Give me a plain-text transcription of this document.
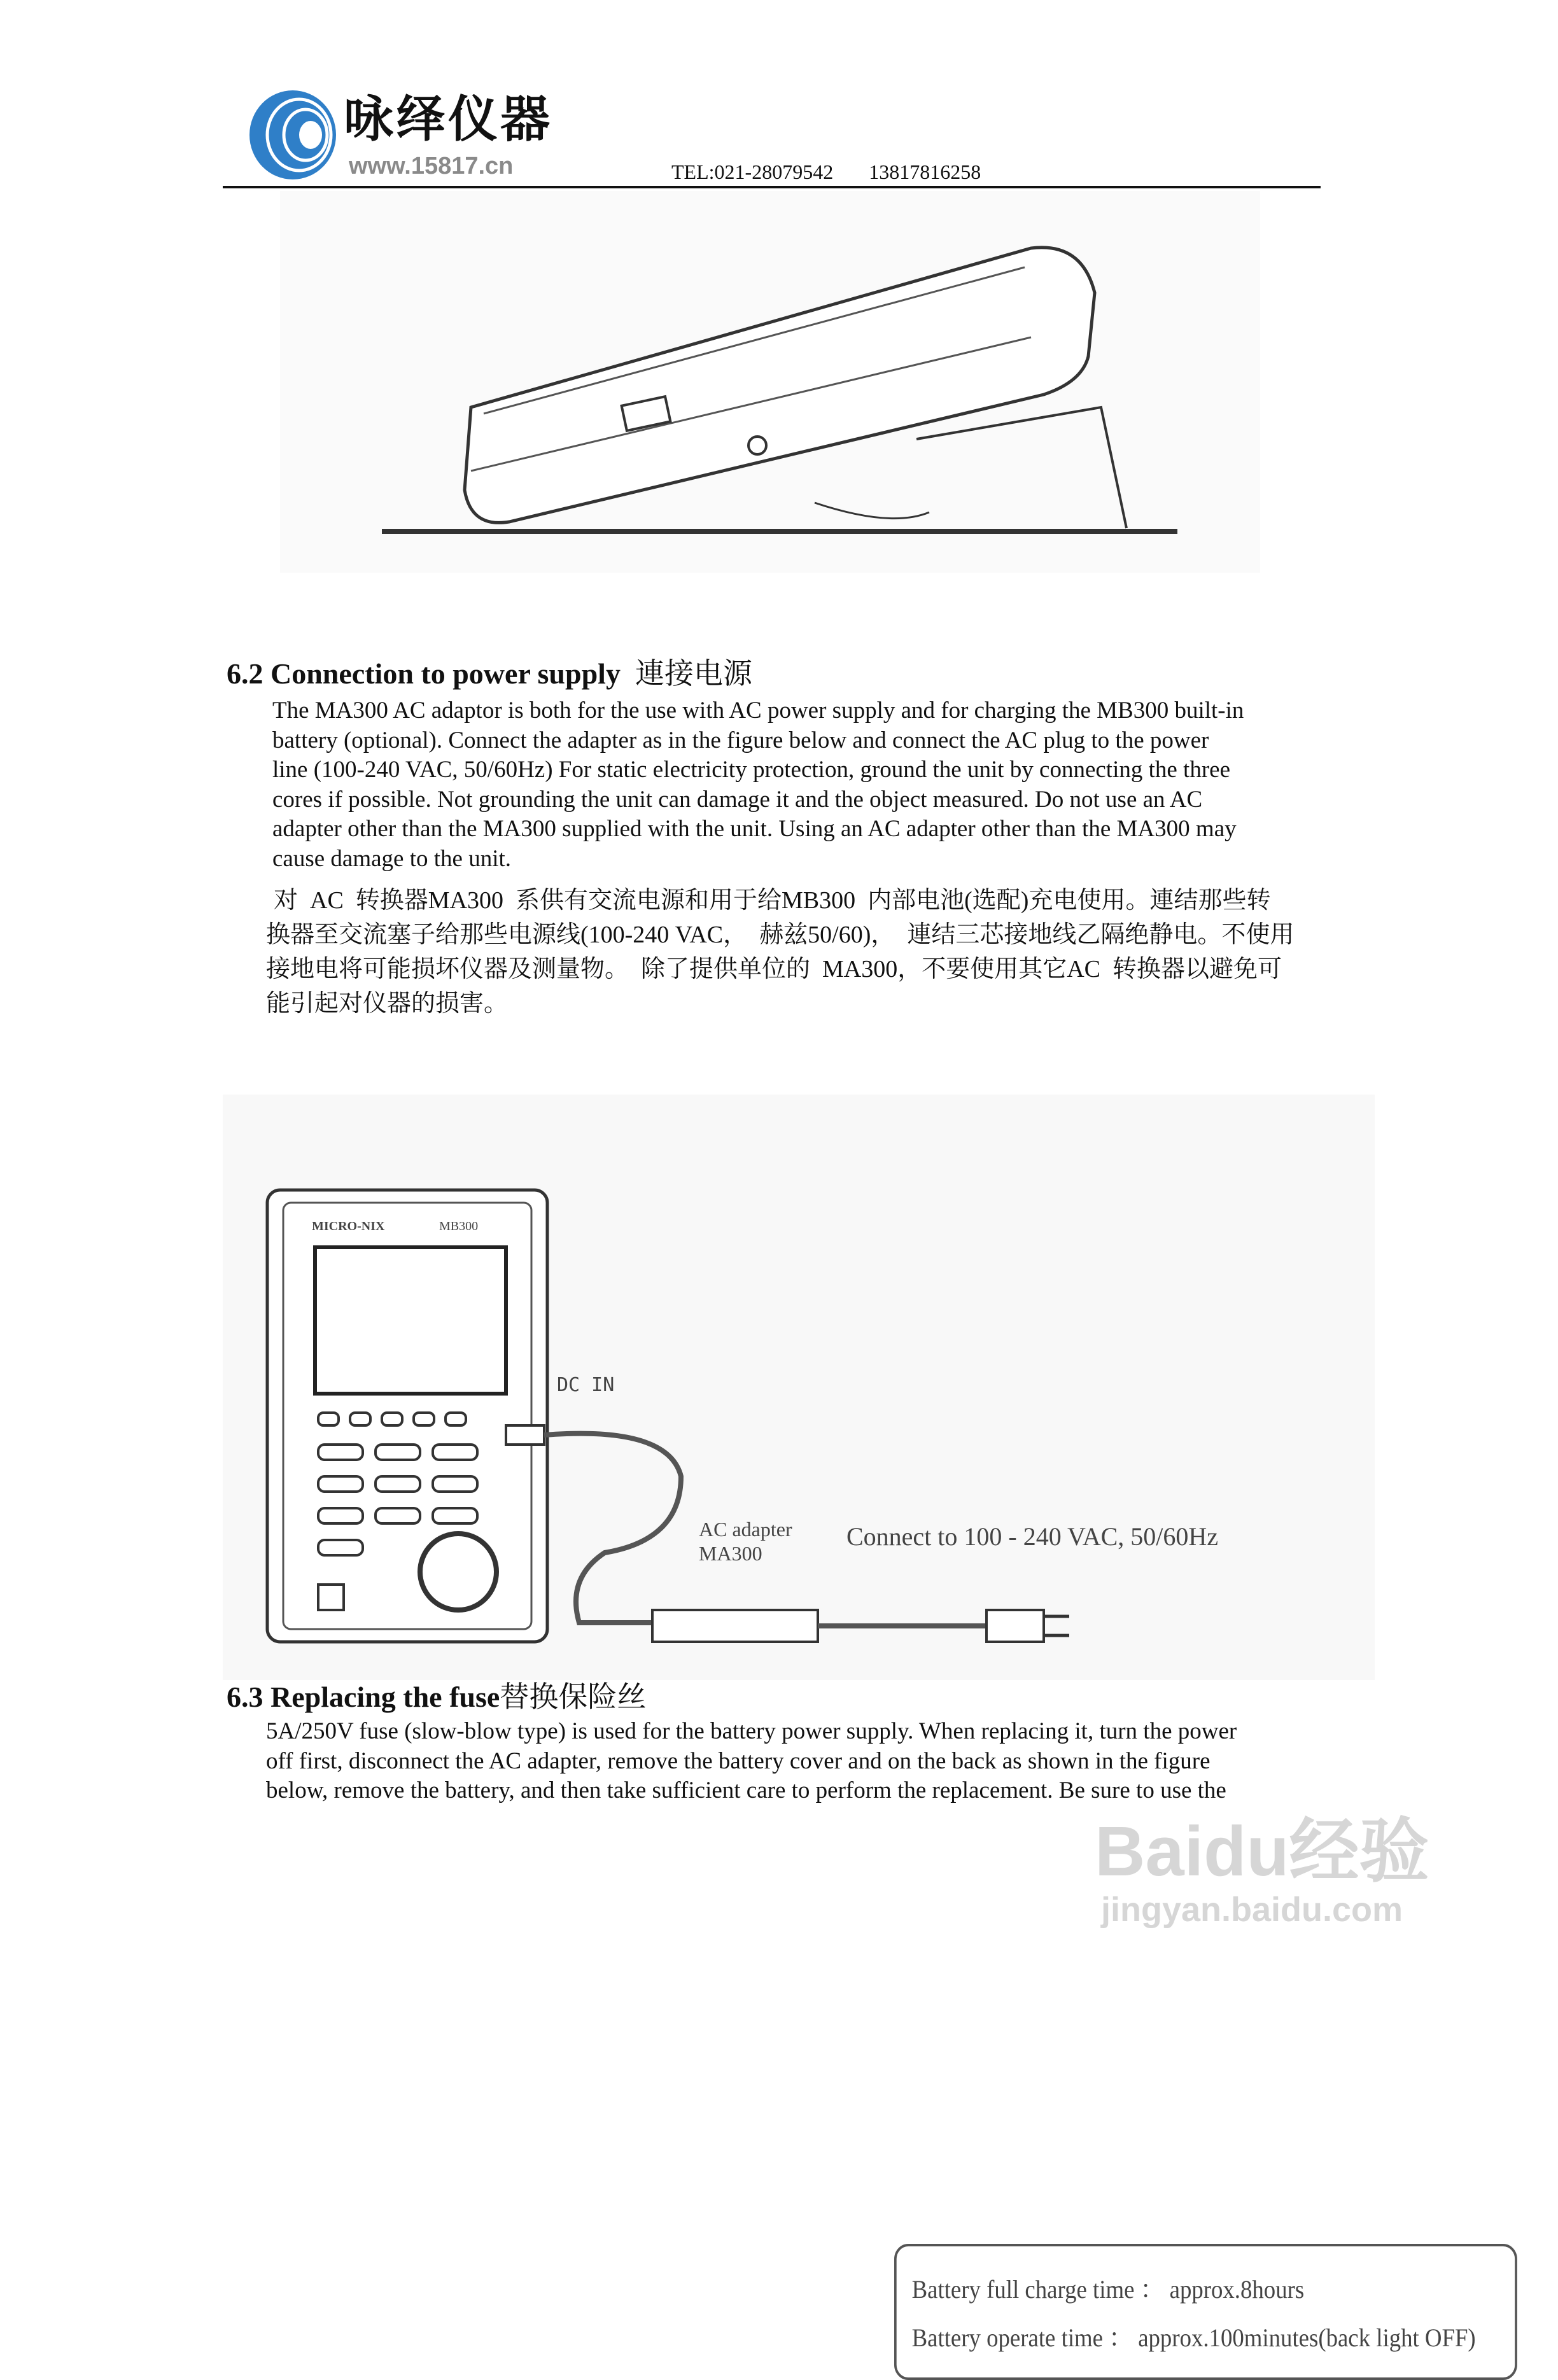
咏绎仪器
www.15817.cn	TEL:021-28079542 13817816258
6.2 Connection to power supply 連接电源
The MA300 AC adaptor is both for the use with AC power supply and for charging the MB300 built-in
battery (optional). Connect the adapter as in the figure below and connect the AC plug to the power
line (100-240 VAC, 50/60Hz) For static electricity protection, ground the unit by connecting the three
cores if possible. Not grounding the unit can damage it and the object measured. Do not use an AC
adapter other than the MA300 supplied with the unit. Using an AC adapter other than the MA300 may
cause damage to the unit.
对  AC  转换器MA300  系供有交流电源和用于给MB300  内部电池(选配)充电使用。連结那些转
换器至交流塞子给那些电源线(100-240 VAC，  赫兹50/60)，  連结三芯接地线乙隔绝静电。不使用
接地电将可能损坏仪器及测量物。  除了提供单位的  MA300，不要使用其它AC  转换器以避免可
能引起对仪器的损害。
MICRO-NIX	MB300
Battery full charge time ： approx.8hours
Battery operate time ： approx.100minutes(back light OFF)
DC IN
AC adapter
MA300
Connect to 100 - 240 VAC, 50/60Hz
6.3 Replacing the fuse替换保险丝
5A/250V fuse (slow-blow type) is used for the battery power supply. When replacing it, turn the power
off first, disconnect the AC adapter, remove the battery cover and on the back as shown in the figure
below, remove the battery, and then take sufficient care to perform the replacement. Be sure to use the
Baidu经验
jingyan.baidu.com
